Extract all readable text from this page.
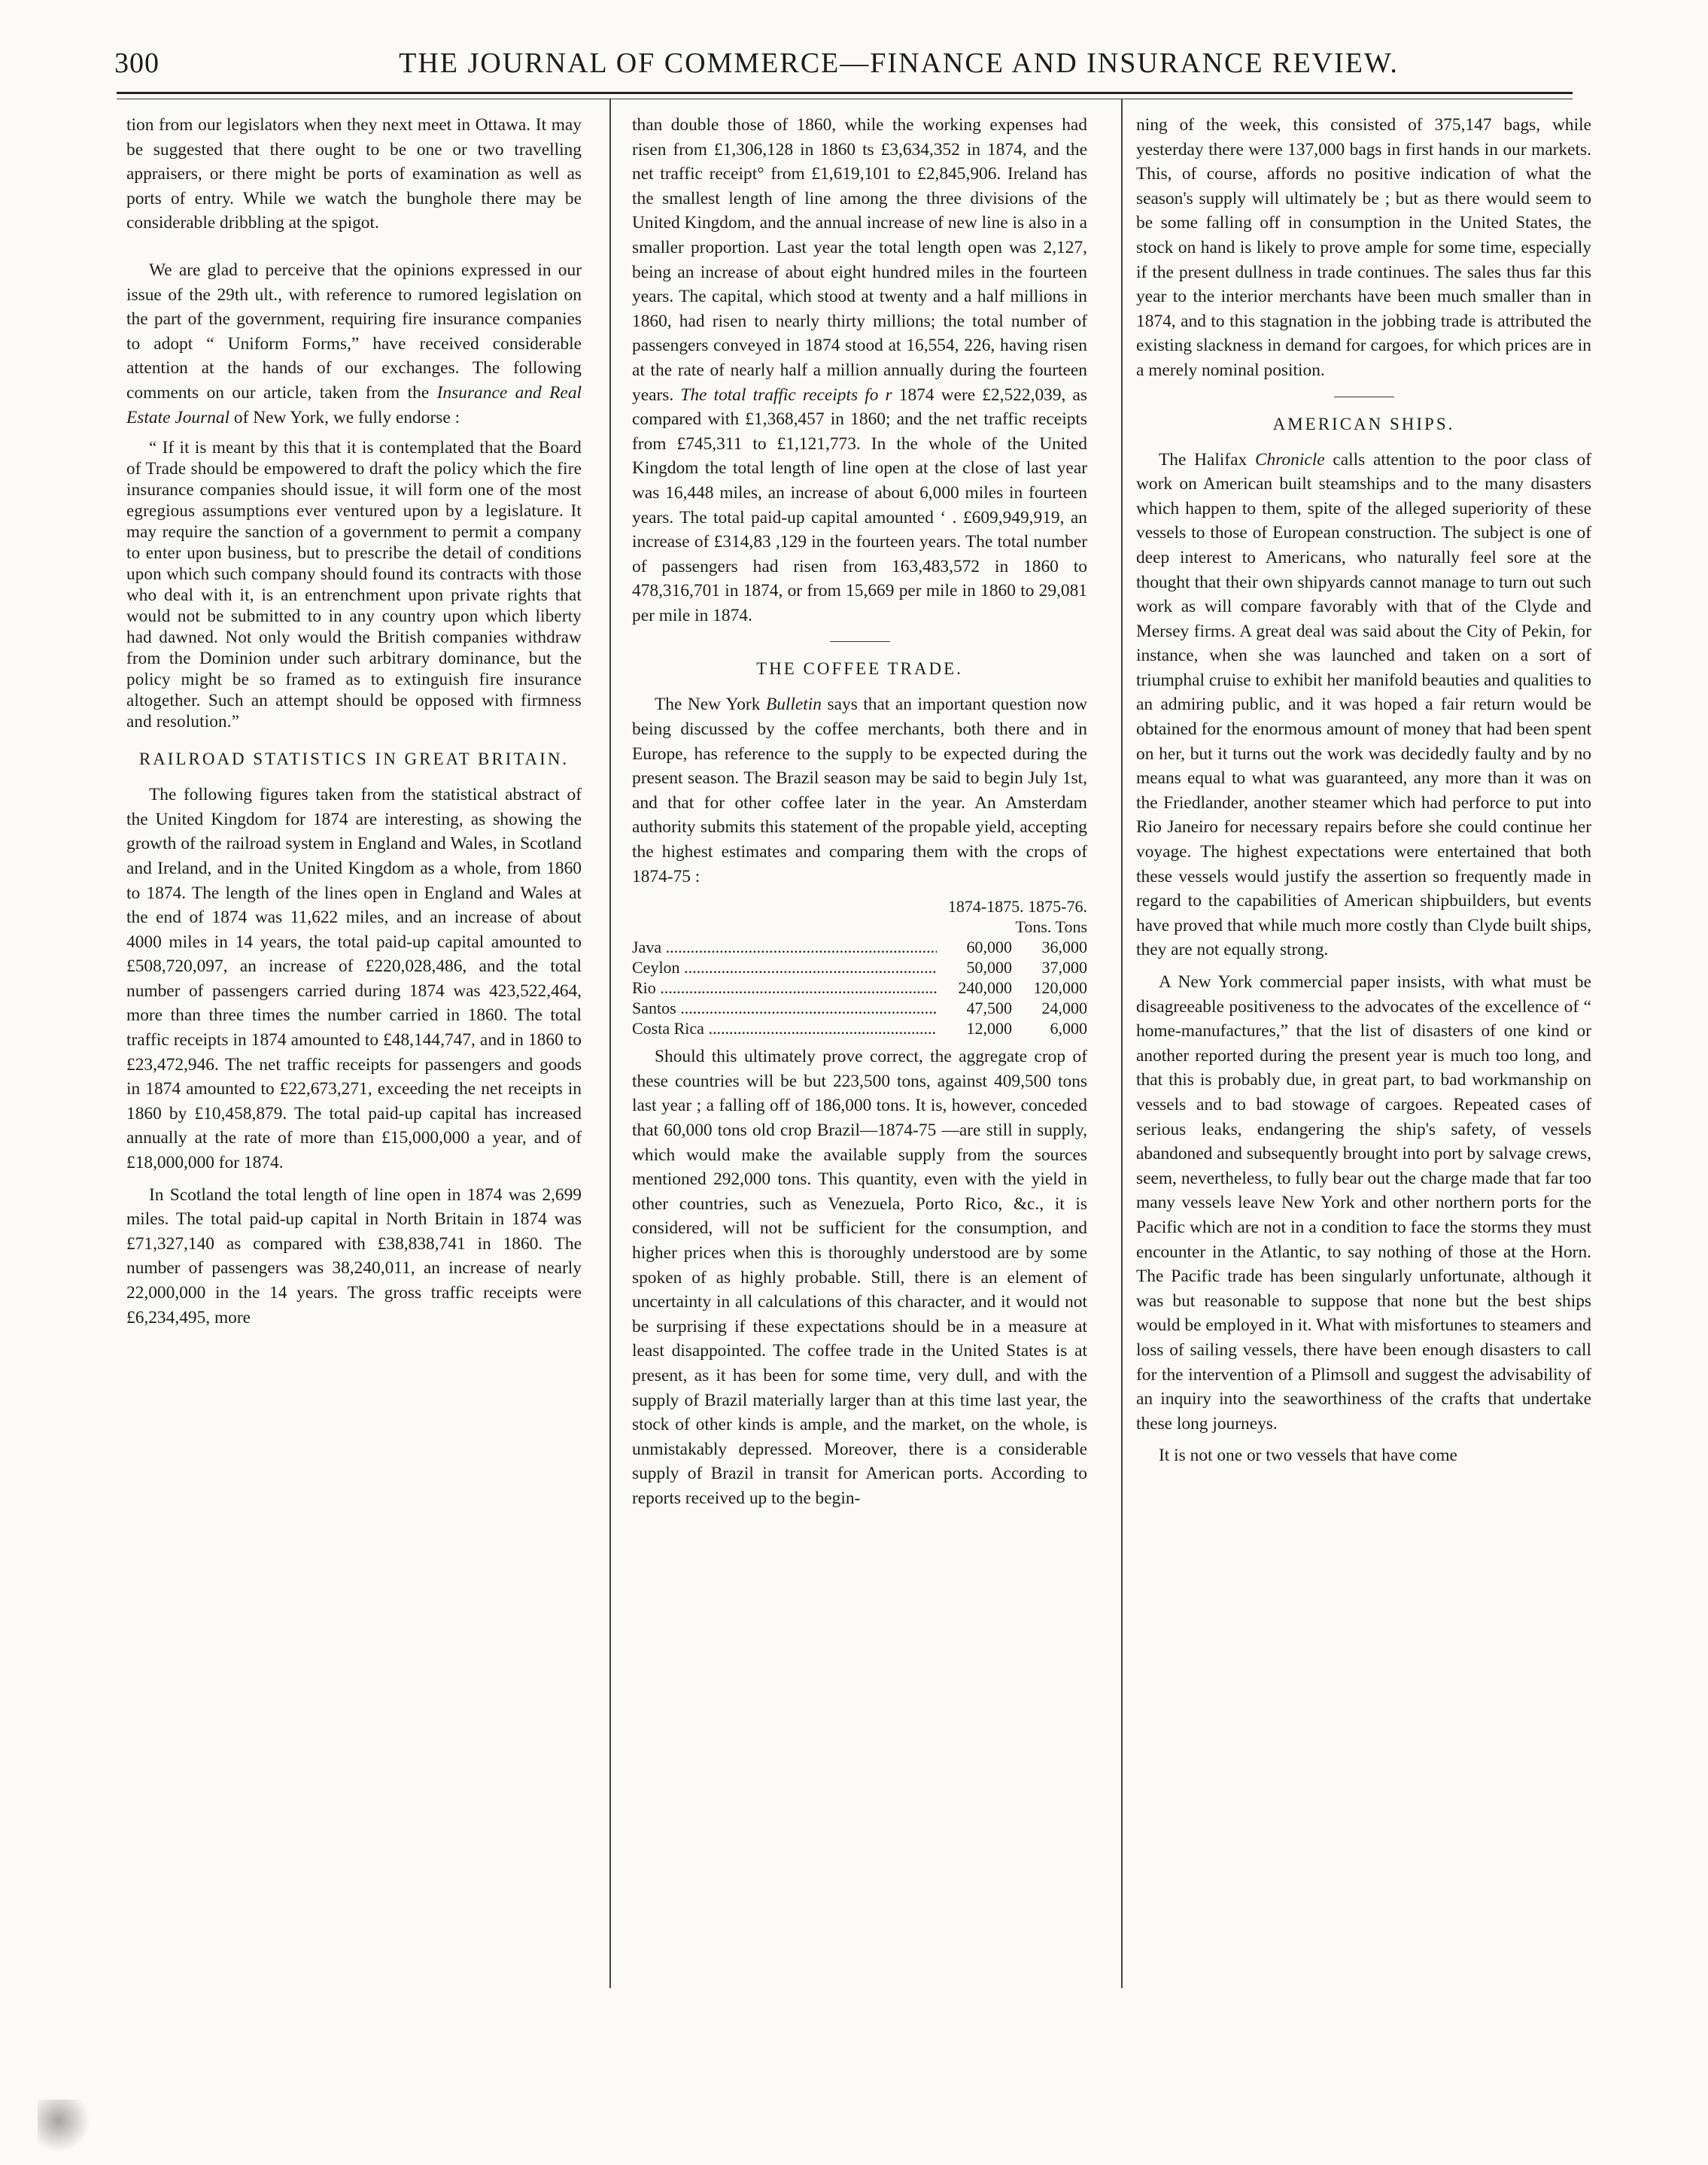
300	THE JOURNAL OF COMMERCE—FINANCE AND INSURANCE REVIEW.

tion from our legislators when they next meet in Ottawa. It may be suggested that there ought to be one or two travelling appraisers, or there might be ports of examination as well as ports of entry. While we watch the bunghole there may be considerable dribbling at the spigot.

We are glad to perceive that the opinions expressed in our issue of the 29th ult., with reference to rumored legislation on the part of the government, requiring fire insurance companies to adopt “ Uniform Forms,” have received considerable attention at the hands of our exchanges. The following comments on our article, taken from the Insurance and Real Estate Journal of New York, we fully endorse :

“ If it is meant by this that it is contemplated that the Board of Trade should be empowered to draft the policy which the fire insurance companies should issue, it will form one of the most egregious assumptions ever ventured upon by a legislature. It may require the sanction of a government to permit a company to enter upon business, but to prescribe the detail of conditions upon which such company should found its contracts with those who deal with it, is an entrenchment upon private rights that would not be submitted to in any country upon which liberty had dawned. Not only would the British companies withdraw from the Dominion under such arbitrary dominance, but the policy might be so framed as to extinguish fire insurance altogether. Such an attempt should be opposed with firmness and resolution.”

RAILROAD STATISTICS IN GREAT BRITAIN.

The following figures taken from the statistical abstract of the United Kingdom for 1874 are interesting, as showing the growth of the railroad system in England and Wales, in Scotland and Ireland, and in the United Kingdom as a whole, from 1860 to 1874. The length of the lines open in England and Wales at the end of 1874 was 11,622 miles, and an increase of about 4000 miles in 14 years, the total paid-up capital amounted to £508,720,097, an increase of £220,028,486, and the total number of passengers carried during 1874 was 423,522,464, more than three times the number carried in 1860. The total traffic receipts in 1874 amounted to £48,144,747, and in 1860 to £23,472,946. The net traffic receipts for passengers and goods in 1874 amounted to £22,673,271, exceeding the net receipts in 1860 by £10,458,879. The total paid-up capital has increased annually at the rate of more than £15,000,000 a year, and of £18,000,000 for 1874.

In Scotland the total length of line open in 1874 was 2,699 miles. The total paid-up capital in North Britain in 1874 was £71,327,140 as compared with £38,838,741 in 1860. The number of passengers was 38,240,011, an increase of nearly 22,000,000 in the 14 years. The gross traffic receipts were £6,234,495, more

than double those of 1860, while the working expenses had risen from £1,306,128 in 1860 ts £3,634,352 in 1874, and the net traffic receipt° from £1,619,101 to £2,845,906. Ireland has the smallest length of line among the three divisions of the United Kingdom, and the annual increase of new line is also in a smaller proportion. Last year the total length open was 2,127, being an increase of about eight hundred miles in the fourteen years. The capital, which stood at twenty and a half millions in 1860, had risen to nearly thirty millions; the total number of passengers conveyed in 1874 stood at 16,554, 226, having risen at the rate of nearly half a million annually during the fourteen years. The total traffic receipts fo r 1874 were £2,522,039, as compared with £1,368,457 in 1860; and the net traffic receipts from £745,311 to £1,121,773. In the whole of the United Kingdom the total length of line open at the close of last year was 16,448 miles, an increase of about 6,000 miles in fourteen years. The total paid-up capital amounted ‘ . £609,949,919, an increase of £314,83 ,129 in the fourteen years. The total number of passengers had risen from 163,483,572 in 1860 to 478,316,701 in 1874, or from 15,669 per mile in 1860 to 29,081 per mile in 1874.

THE COFFEE TRADE.

The New York Bulletin says that an important question now being discussed by the coffee merchants, both there and in Europe, has reference to the supply to be expected during the present season. The Brazil season may be said to begin July 1st, and that for other coffee later in the year. An Amsterdam authority submits this statement of the propable yield, accepting the highest estimates and comparing them with the crops of 1874-75 :

1874-1875. 1875-76.
Tons. Tons
Java .....	60,000	36,000
Ceylon .....	50,000	37,000
Rio .....	240,000	120,000
Santos .....	47,500	24,000
Costa Rica .....	12,000	6,000

Should this ultimately prove correct, the aggregate crop of these countries will be but 223,500 tons, against 409,500 tons last year ; a falling off of 186,000 tons. It is, however, conceded that 60,000 tons old crop Brazil—1874-75 —are still in supply, which would make the available supply from the sources mentioned 292,000 tons. This quantity, even with the yield in other countries, such as Venezuela, Porto Rico, &c., it is considered, will not be sufficient for the consumption, and higher prices when this is thoroughly understood are by some spoken of as highly probable. Still, there is an element of uncertainty in all calculations of this character, and it would not be surprising if these expectations should be in a measure at least disappointed. The coffee trade in the United States is at present, as it has been for some time, very dull, and with the supply of Brazil materially larger than at this time last year, the stock of other kinds is ample, and the market, on the whole, is unmistakably depressed. Moreover, there is a considerable supply of Brazil in transit for American ports. According to reports received up to the begin-

ning of the week, this consisted of 375,147 bags, while yesterday there were 137,000 bags in first hands in our markets. This, of course, affords no positive indication of what the season's supply will ultimately be ; but as there would seem to be some falling off in consumption in the United States, the stock on hand is likely to prove ample for some time, especially if the present dullness in trade continues. The sales thus far this year to the interior merchants have been much smaller than in 1874, and to this stagnation in the jobbing trade is attributed the existing slackness in demand for cargoes, for which prices are in a merely nominal position.

AMERICAN SHIPS.

The Halifax Chronicle calls attention to the poor class of work on American built steamships and to the many disasters which happen to them, spite of the alleged superiority of these vessels to those of European construction. The subject is one of deep interest to Americans, who naturally feel sore at the thought that their own shipyards cannot manage to turn out such work as will compare favorably with that of the Clyde and Mersey firms. A great deal was said about the City of Pekin, for instance, when she was launched and taken on a sort of triumphal cruise to exhibit her manifold beauties and qualities to an admiring public, and it was hoped a fair return would be obtained for the enormous amount of money that had been spent on her, but it turns out the work was decidedly faulty and by no means equal to what was guaranteed, any more than it was on the Friedlander, another steamer which had perforce to put into Rio Janeiro for necessary repairs before she could continue her voyage. The highest expectations were entertained that both these vessels would justify the assertion so frequently made in regard to the capabilities of American shipbuilders, but events have proved that while much more costly than Clyde built ships, they are not equally strong.

A New York commercial paper insists, with what must be disagreeable positiveness to the advocates of the excellence of “ home-manufactures,” that the list of disasters of one kind or another reported during the present year is much too long, and that this is probably due, in great part, to bad workmanship on vessels and to bad stowage of cargoes. Repeated cases of serious leaks, endangering the ship's safety, of vessels abandoned and subsequently brought into port by salvage crews, seem, nevertheless, to fully bear out the charge made that far too many vessels leave New York and other northern ports for the Pacific which are not in a condition to face the storms they must encounter in the Atlantic, to say nothing of those at the Horn. The Pacific trade has been singularly unfortunate, although it was but reasonable to suppose that none but the best ships would be employed in it. What with misfortunes to steamers and loss of sailing vessels, there have been enough disasters to call for the intervention of a Plimsoll and suggest the advisability of an inquiry into the seaworthiness of the crafts that undertake these long journeys.

It is not one or two vessels that have come
